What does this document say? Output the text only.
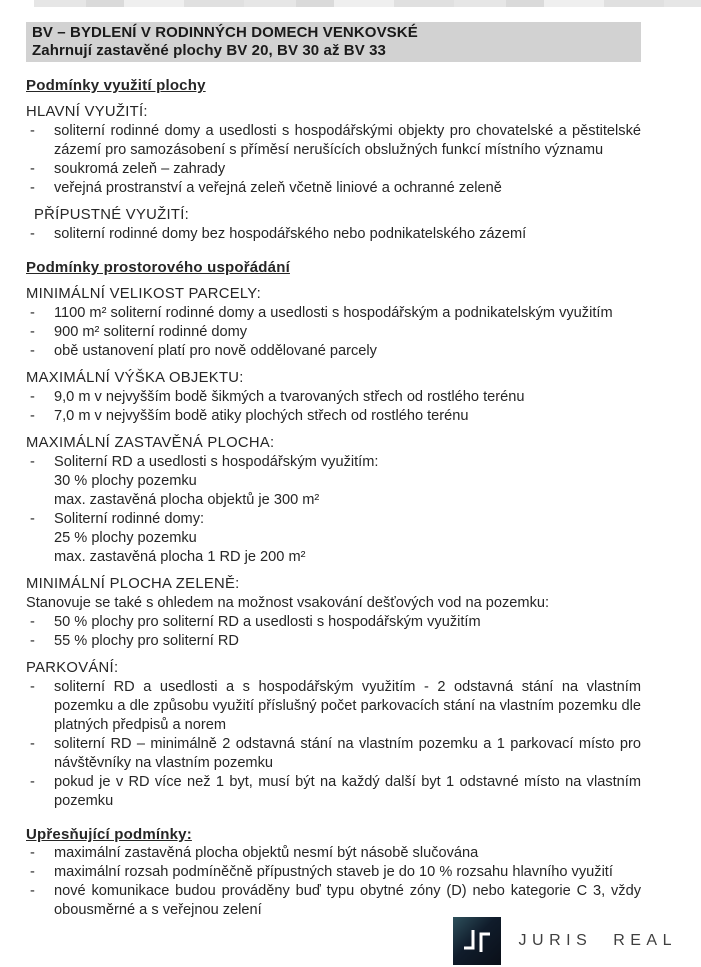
BV – BYDLENÍ V RODINNÝCH DOMECH VENKOVSKÉ
Zahrnují zastavěné plochy BV 20, BV 30 až BV 33
Podmínky využití plochy
HLAVNÍ VYUŽITÍ:
- soliterní rodinné domy a usedlosti s hospodářskými objekty pro chovatelské a pěstitelské zázemí pro samozásobení s příměsí nerušících obslužných funkcí místního významu
- soukromá zeleň – zahrady
- veřejná prostranství a veřejná zeleň včetně liniové a ochranné zeleně
PŘÍPUSTNÉ VYUŽITÍ:
- soliterní rodinné domy bez hospodářského nebo podnikatelského zázemí
Podmínky prostorového uspořádání
MINIMÁLNÍ VELIKOST PARCELY:
- 1100 m² soliterní rodinné domy a usedlosti s hospodářským a podnikatelským využitím
- 900 m² soliterní rodinné domy
- obě ustanovení platí pro nově oddělované parcely
MAXIMÁLNÍ VÝŠKA OBJEKTU:
- 9,0 m v nejvyšším bodě šikmých a tvarovaných střech od rostlého terénu
- 7,0 m v nejvyšším bodě atiky plochých střech od rostlého terénu
MAXIMÁLNÍ ZASTAVĚNÁ PLOCHA:
- Soliterní RD a usedlosti s hospodářským využitím:
30 % plochy pozemku
max. zastavěná plocha objektů je 300 m²
- Soliterní rodinné domy:
25 % plochy pozemku
max. zastavěná plocha 1 RD je 200 m²
MINIMÁLNÍ PLOCHA ZELENĚ:
Stanovuje se také s ohledem na možnost vsakování dešťových vod na pozemku:
- 50 % plochy pro soliterní RD a usedlosti s hospodářským využitím
- 55 % plochy pro soliterní RD
PARKOVÁNÍ:
- soliterní RD a usedlosti a s hospodářským využitím - 2 odstavná stání na vlastním pozemku a dle způsobu využití příslušný počet parkovacích stání na vlastním pozemku dle platných předpisů a norem
- soliterní RD – minimálně 2 odstavná stání na vlastním pozemku a 1 parkovací místo pro návštěvníky na vlastním pozemku
- pokud je v RD více než 1 byt, musí být na každý další byt 1 odstavné místo na vlastním pozemku
Upřesňující podmínky:
- maximální zastavěná plocha objektů nesmí být násobě slučována
- maximální rozsah podmíněčně přípustných staveb je do 10 % rozsahu hlavního využití
- nové komunikace budou prováděny buď typu obytné zóny (D) nebo kategorie C 3, vždy obousměrné a s veřejnou zelení
JURIS REAL
